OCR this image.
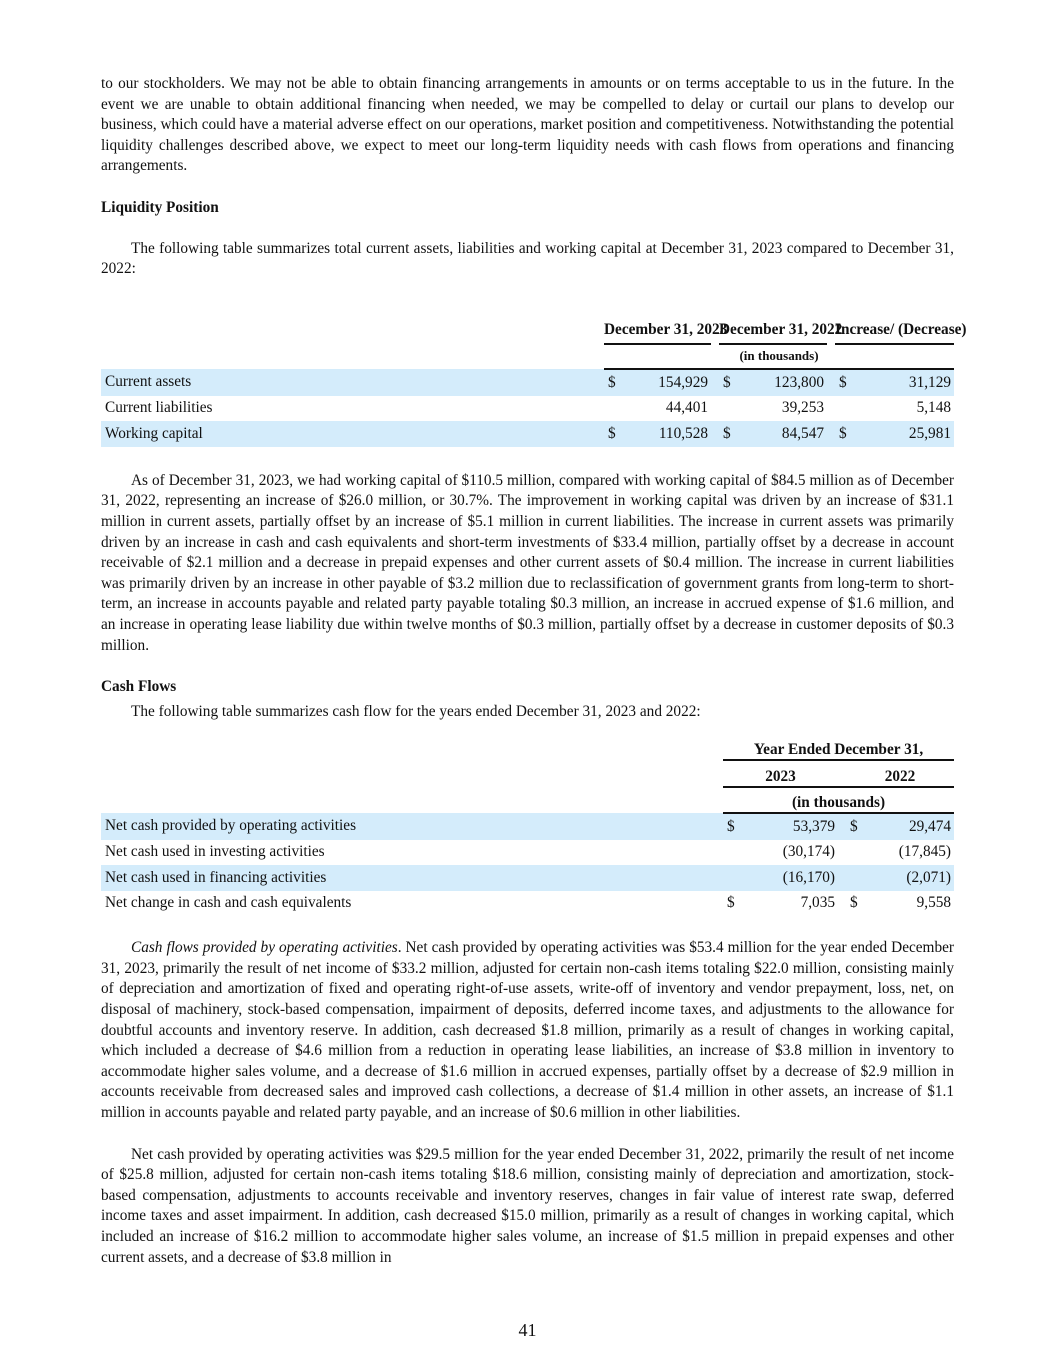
to our stockholders. We may not be able to obtain financing arrangements in amounts or on terms acceptable to us in the future. In the event we are unable to obtain additional financing when needed, we may be compelled to delay or curtail our plans to develop our business, which could have a material adverse effect on our operations, market position and competitiveness. Notwithstanding the potential liquidity challenges described above, we expect to meet our long-term liquidity needs with cash flows from operations and financing arrangements.

Liquidity Position

The following table summarizes total current assets, liabilities and working capital at December 31, 2023 compared to December 31, 2022:

	December 31, 2023			December 31, 2022			Increase/ (Decrease)	
	(in thousands)							
Current assets	$	154,929		$	123,800		$	31,129
Current liabilities		44,401			39,253			5,148
Working capital	$	110,528		$	84,547		$	25,981

As of December 31, 2023, we had working capital of $110.5 million, compared with working capital of $84.5 million as of December 31, 2022, representing an increase of $26.0 million, or 30.7%. The improvement in working capital was driven by an increase of $31.1 million in current assets, partially offset by an increase of $5.1 million in current liabilities. The increase in current assets was primarily driven by an increase in cash and cash equivalents and short-term investments of $33.4 million, partially offset by a decrease in account receivable of $2.1 million and a decrease in prepaid expenses and other current assets of $0.4 million. The increase in current liabilities was primarily driven by an increase in other payable of $3.2 million due to reclassification of government grants from long-term to short-term, an increase in accounts payable and related party payable totaling $0.3 million, an increase in accrued expense of $1.6 million, and an increase in operating lease liability due within twelve months of $0.3 million, partially offset by a decrease in customer deposits of $0.3 million.

Cash Flows

The following table summarizes cash flow for the years ended December 31, 2023 and 2022:

	Year Ended December 31,				
	2023			2022	
	(in thousands)				
Net cash provided by operating activities	$	53,379		$	29,474
Net cash used in investing activities		(30,174)			(17,845)
Net cash used in financing activities		(16,170)			(2,071)
Net change in cash and cash equivalents	$	7,035		$	9,558

Cash flows provided by operating activities. Net cash provided by operating activities was $53.4 million for the year ended December 31, 2023, primarily the result of net income of $33.2 million, adjusted for certain non-cash items totaling $22.0 million, consisting mainly of depreciation and amortization of fixed and operating right-of-use assets, write-off of inventory and vendor prepayment, loss, net, on disposal of machinery, stock-based compensation, impairment of deposits, deferred income taxes, and adjustments to the allowance for doubtful accounts and inventory reserve. In addition, cash decreased $1.8 million, primarily as a result of changes in working capital, which included a decrease of $4.6 million from a reduction in operating lease liabilities, an increase of $3.8 million in inventory to accommodate higher sales volume, and a decrease of $1.6 million in accrued expenses, partially offset by a decrease of $2.9 million in accounts receivable from decreased sales and improved cash collections, a decrease of $1.4 million in other assets, an increase of $1.1 million in accounts payable and related party payable, and an increase of $0.6 million in other liabilities.

Net cash provided by operating activities was $29.5 million for the year ended December 31, 2022, primarily the result of net income of $25.8 million, adjusted for certain non-cash items totaling $18.6 million, consisting mainly of depreciation and amortization, stock-based compensation, adjustments to accounts receivable and inventory reserves, changes in fair value of interest rate swap, deferred income taxes and asset impairment. In addition, cash decreased $15.0 million, primarily as a result of changes in working capital, which included an increase of $16.2 million to accommodate higher sales volume, an increase of $1.5 million in prepaid expenses and other current assets, and a decrease of $3.8 million in

41
